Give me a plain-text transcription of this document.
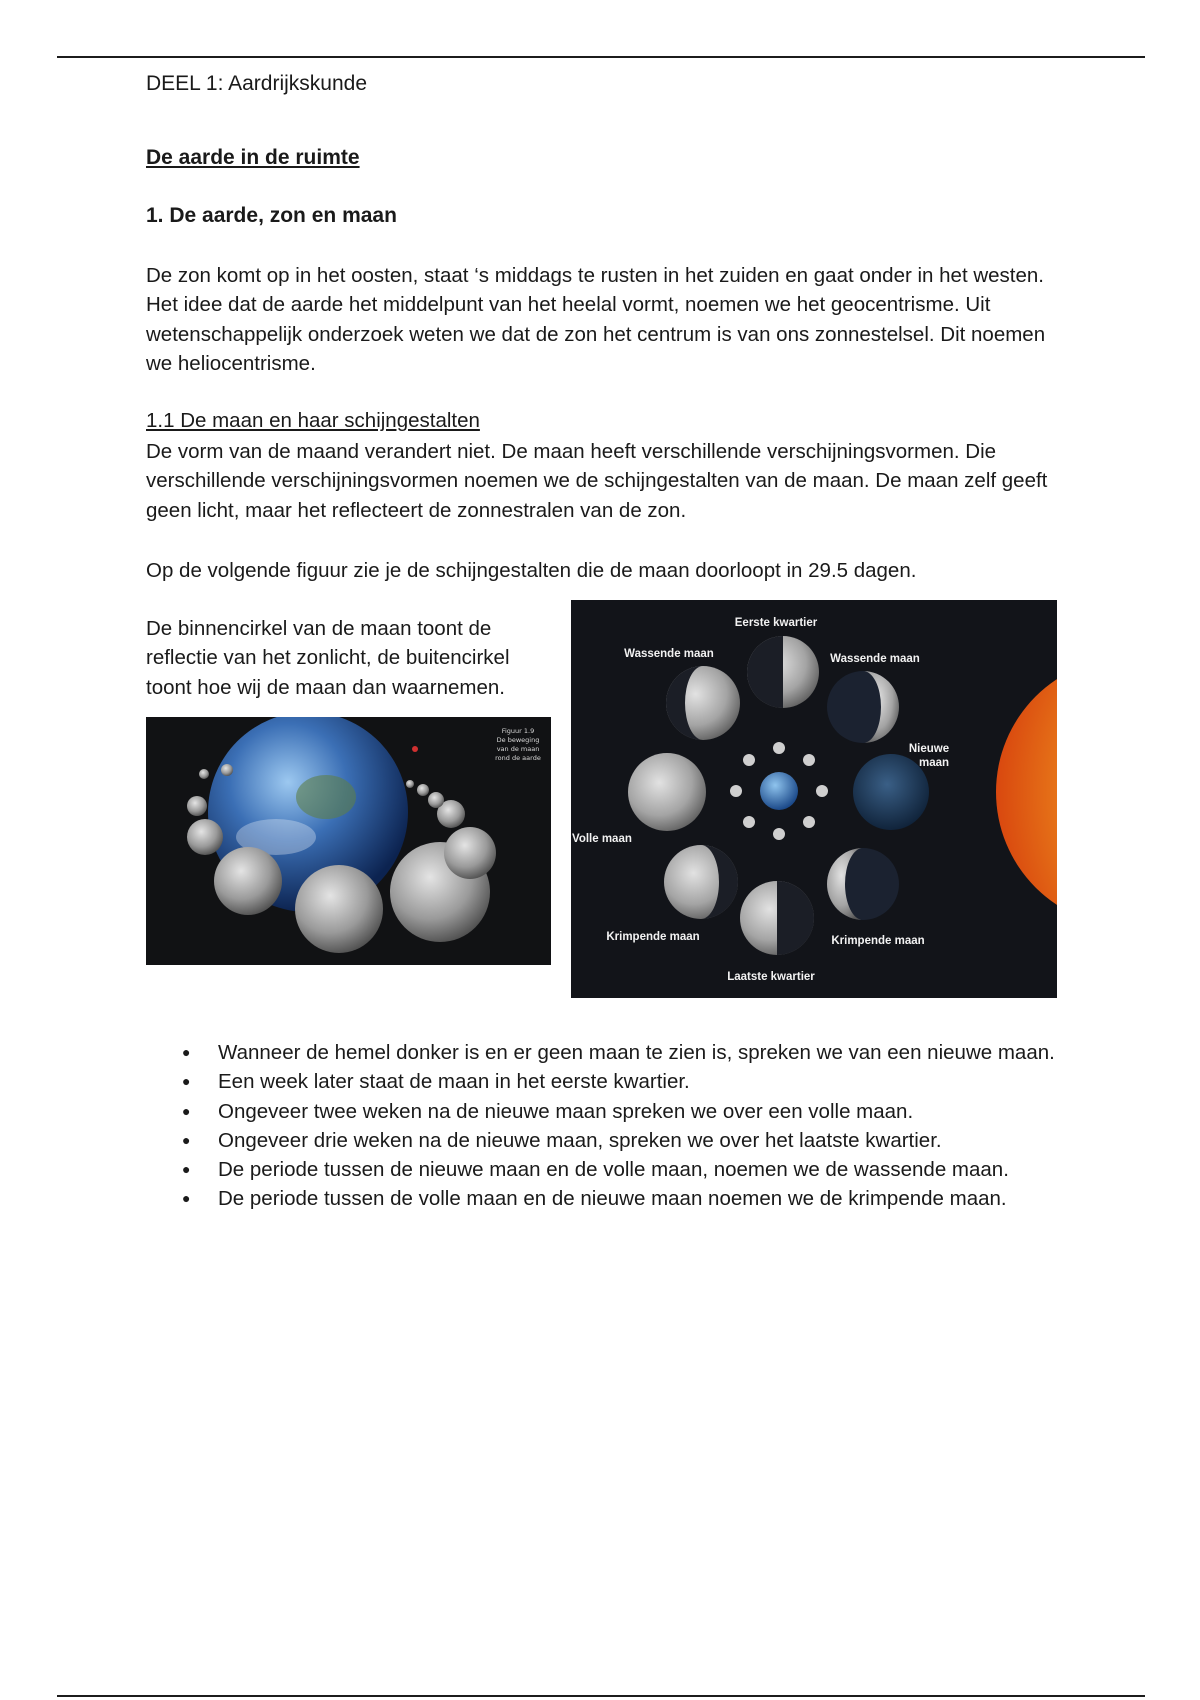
DEEL 1: Aardrijkskunde

De aarde in de ruimte

1. De aarde, zon en maan

De zon komt op in het oosten, staat ‘s middags te rusten in het zuiden en gaat onder in het westen. Het idee dat de aarde het middelpunt van het heelal vormt, noemen we het geocentrisme. Uit wetenschappelijk onderzoek weten we dat de zon het centrum is van ons zonnestelsel. Dit noemen we heliocentrisme.

1.1 De maan en haar schijngestalten

De vorm van de maand verandert niet. De maan heeft verschillende verschijningsvormen. Die verschillende verschijningsvormen noemen we de schijngestalten van de maan. De maan zelf geeft geen licht, maar het reflecteert de zonnestralen van de zon.

Op de volgende figuur zie je de schijngestalten die de maan doorloopt in 29.5 dagen.

De binnencirkel van de maan toont de reflectie van het zonlicht, de buitencirkel toont hoe wij de maan dan waarnemen.

● Wanneer de hemel donker is en er geen maan te zien is, spreken we van een nieuwe maan.
● Een week later staat de maan in het eerste kwartier.
● Ongeveer twee weken na de nieuwe maan spreken we over een volle maan.
● Ongeveer drie weken na de nieuwe maan, spreken we over het laatste kwartier.
● De periode tussen de nieuwe maan en de volle maan, noemen we de wassende maan.
● De periode tussen de volle maan en de nieuwe maan noemen we de krimpende maan.
Figuur 1.9
De beweging
van de maan
rond de aarde
Eerste kwartier
Wassende maan	Wassende maan
Nieuwe
maan
Volle maan
Krimpende maan	Krimpende maan
Laatste kwartier
